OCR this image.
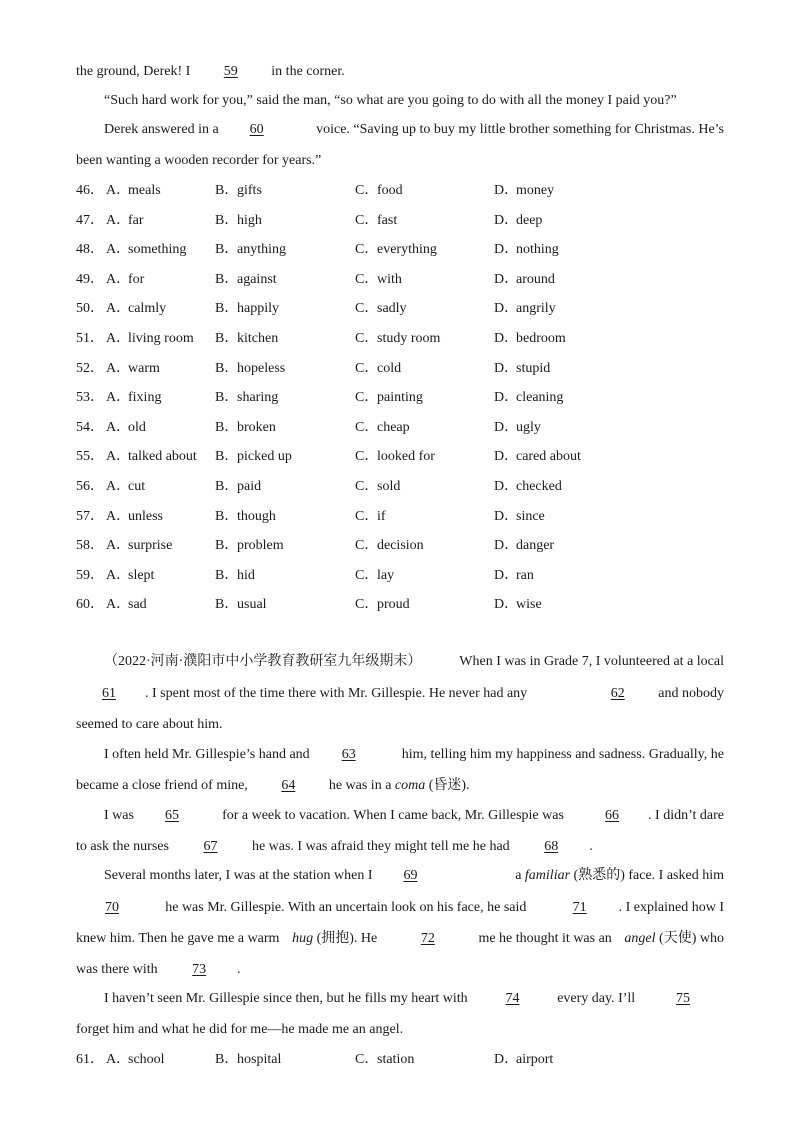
the ground, Derek! I 59 in the corner.
“Such hard work for you,” said the man, “so what are you going to do with all the money I paid you?”
Derek answered in a 60	voice. “Saving up to buy my little brother something for Christmas. He’s
been wanting a wooden recorder for years.”
46． A．meals	B．gifts	C．food	D．money
47． A．far	B．high	C．fast	D．deep
48． A．something B．anything	C．everything	D．nothing
49． A．for	B．against	C．with	D．around
50． A．calmly	B．happily	C．sadly	D．angrily
51． A．living room B．kitchen	C．study room	D．bedroom
52． A．warm	B．hopeless	C．cold	D．stupid
53． A．fixing	B．sharing	C．painting	D．cleaning
54． A．old	B．broken	C．cheap	D．ugly
55． A．talked about B．picked up	C．looked for	D．cared about
56． A．cut	B．paid	C．sold	D．checked
57． A．unless	B．though	C．if	D．since
58． A．surprise	B．problem	C．decision	D．danger
59． A．slept	B．hid	C．lay	D．ran
60． A．sad	B．usual	C．proud	D．wise
（2022·河南·濮阳市中小学教育教研室九年级期末）	When I was in Grade 7, I volunteered at a local
61 . I spent most of the time there with Mr. Gillespie. He never had any	62 and nobody
seemed to care about him.
I often held Mr. Gillespie’s hand and 63	him, telling him my happiness and sadness. Gradually, he
became a close friend of mine, 64 he was in a coma (昏迷).
I was 65	for a week to vacation. When I came back, Mr. Gillespie was	66 . I didn’t dare
to ask the nurses 67 he was. I was afraid they might tell me he had 68 .
Several months later, I was at the station when I 69	a familiar (熟悉的) face. I asked him
70	he was Mr. Gillespie. With an uncertain look on his face, he said	71 . I explained how I
knew him. Then he gave me a warm hug (拥抱). He	72	me he thought it was an angel (天使) who
was there with 73 .
I haven’t seen Mr. Gillespie since then, but he fills my heart with	74	every day. I’ll	75
forget him and what he did for me—he made me an angel.
61． A．school	B．hospital	C．station	D．airport
